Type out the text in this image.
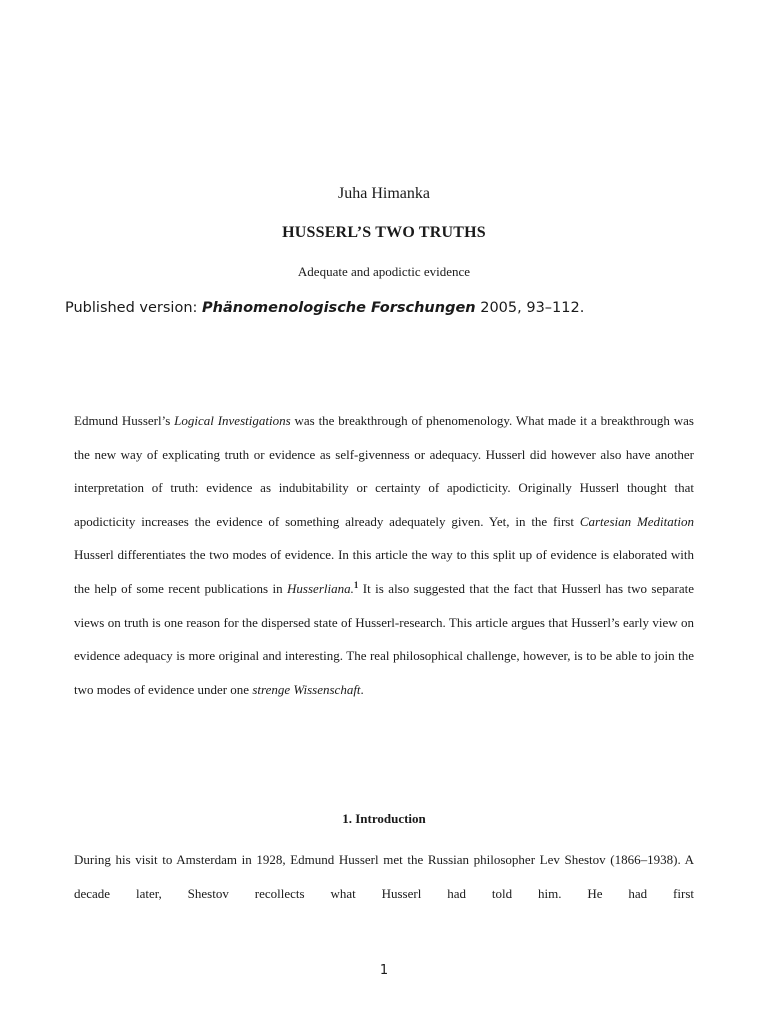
Juha Himanka
HUSSERL’S TWO TRUTHS
Adequate and apodictic evidence
Published version: Phänomenologische Forschungen 2005, 93–112.

Edmund Husserl’s Logical Investigations was the breakthrough of phenomenology. What made it a breakthrough was the new way of explicating truth or evidence as self-givenness or adequacy. Husserl did however also have another interpretation of truth: evidence as indubitability or certainty of apodicticity. Originally Husserl thought that apodicticity increases the evidence of something already adequately given. Yet, in the first Cartesian Meditation Husserl differentiates the two modes of evidence. In this article the way to this split up of evidence is elaborated with the help of some recent publications in Husserliana.$^1$ It is also suggested that the fact that Husserl has two separate views on truth is one reason for the dispersed state of Husserl-research. This article argues that Husserl’s early view on evidence adequacy is more original and interesting. The real philosophical challenge, however, is to be able to join the two modes of evidence under one strenge Wissenschaft.

1. Introduction

During his visit to Amsterdam in 1928, Edmund Husserl met the Russian philosopher Lev Shestov (1866–1938). A decade later, Shestov recollects what Husserl had told him. He had first

1
